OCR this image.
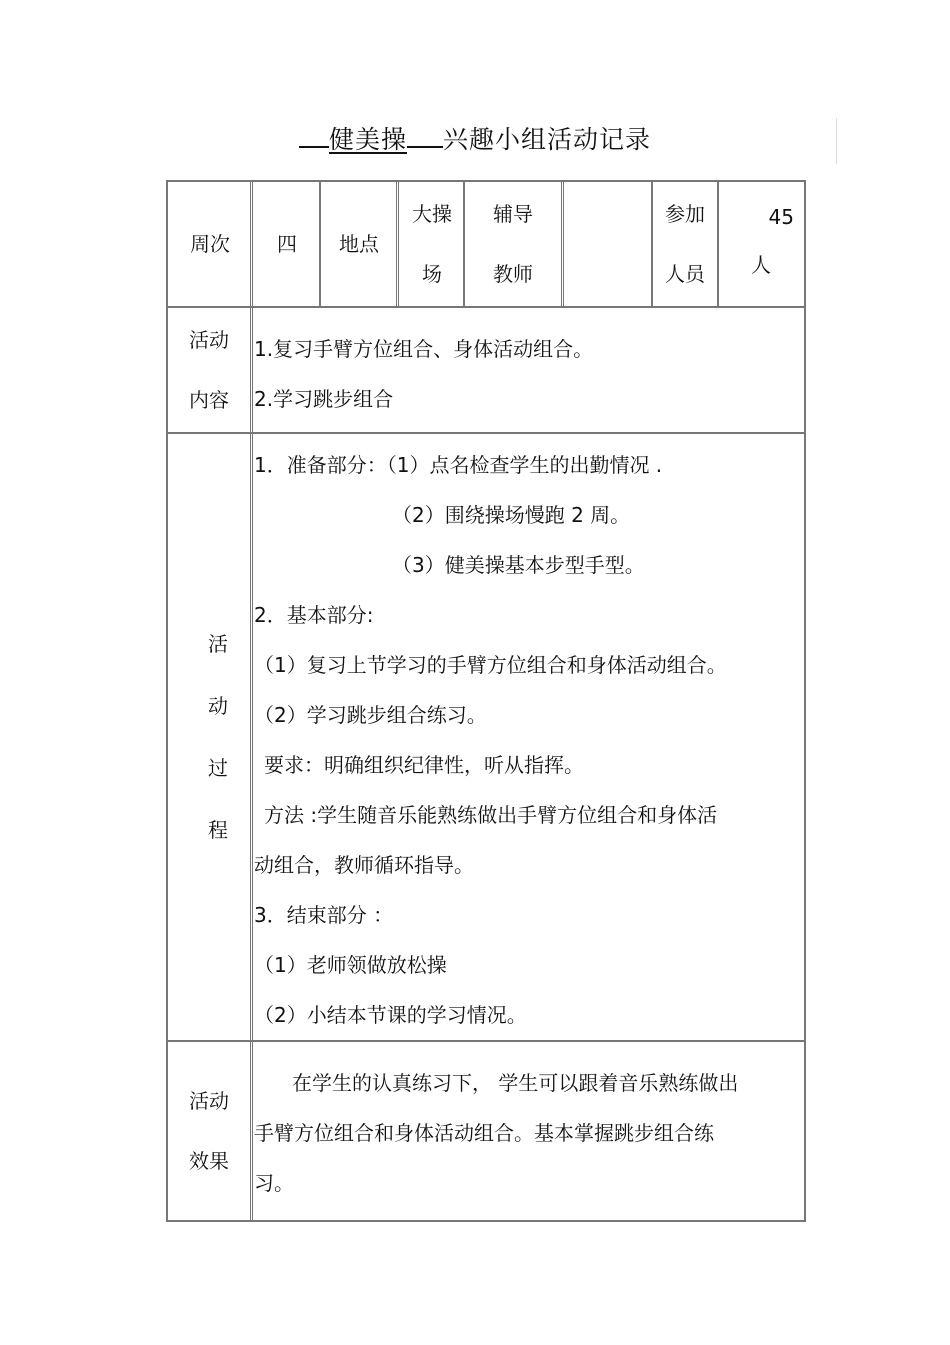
健美操 兴趣小组活动记录
周次	四	地点
大操
场
辅导
教师
参加
人员
45
人
活动
内容

1.复习手臂方位组合、身体活动组合。

2.学习跳步组合

活
动
过
程

1．准备部分：（1）点名检查学生的出勤情况 .

（2）围绕操场慢跑 2 周。

（3）健美操基本步型手型。

2．基本部分:

（1）复习上节学习的手臂方位组合和身体活动组合。

（2）学习跳步组合练习。

要求：明确组织纪律性，听从指挥。

方法 :学生随音乐能熟练做出手臂方位组合和身体活

动组合，教师循环指导。

3．结束部分 ：

（1）老师领做放松操

（2）小结本节课的学习情况。

活动
效果

在学生的认真练习下， 学生可以跟着音乐熟练做出

手臂方位组合和身体活动组合。基本掌握跳步组合练

习。
